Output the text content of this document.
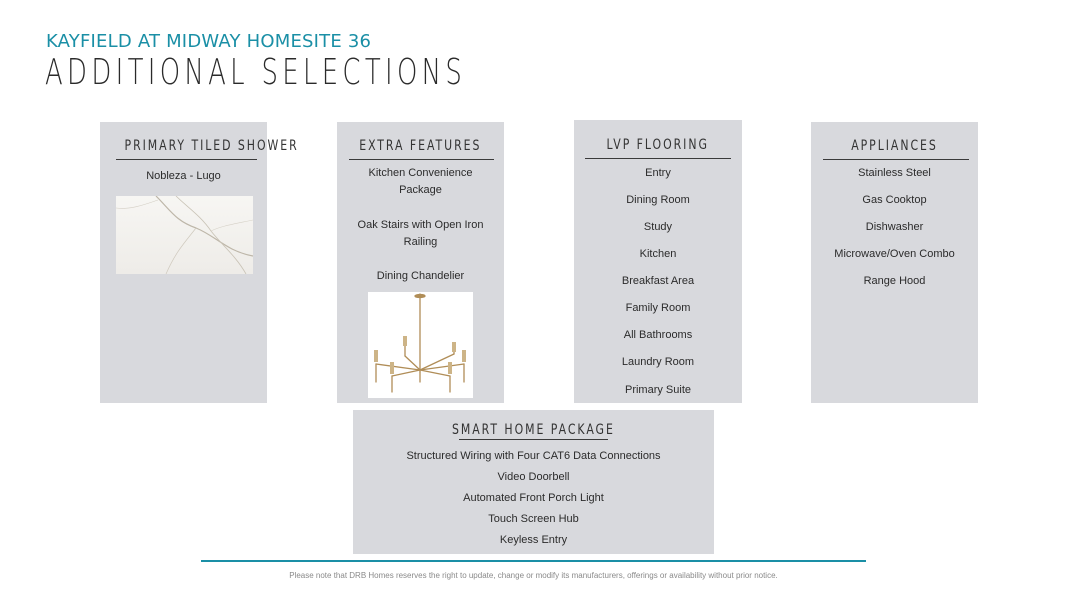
KAYFIELD AT MIDWAY HOMESITE 36
ADDITIONAL SELECTIONS
PRIMARY TILED SHOWER
Nobleza - Lugo
EXTRA FEATURES
Kitchen Convenience Package
Oak Stairs with Open Iron Railing
Dining Chandelier
LVP FLOORING
Entry
Dining Room
Study
Kitchen
Breakfast Area
Family Room
All Bathrooms
Laundry Room
Primary Suite
APPLIANCES
Stainless Steel
Gas Cooktop
Dishwasher
Microwave/Oven Combo
Range Hood
SMART HOME PACKAGE
Structured Wiring with Four CAT6 Data Connections
Video Doorbell
Automated Front Porch Light
Touch Screen Hub
Keyless Entry
Please note that DRB Homes reserves the right to update, change or modify its manufacturers, offerings or availability without prior notice.
